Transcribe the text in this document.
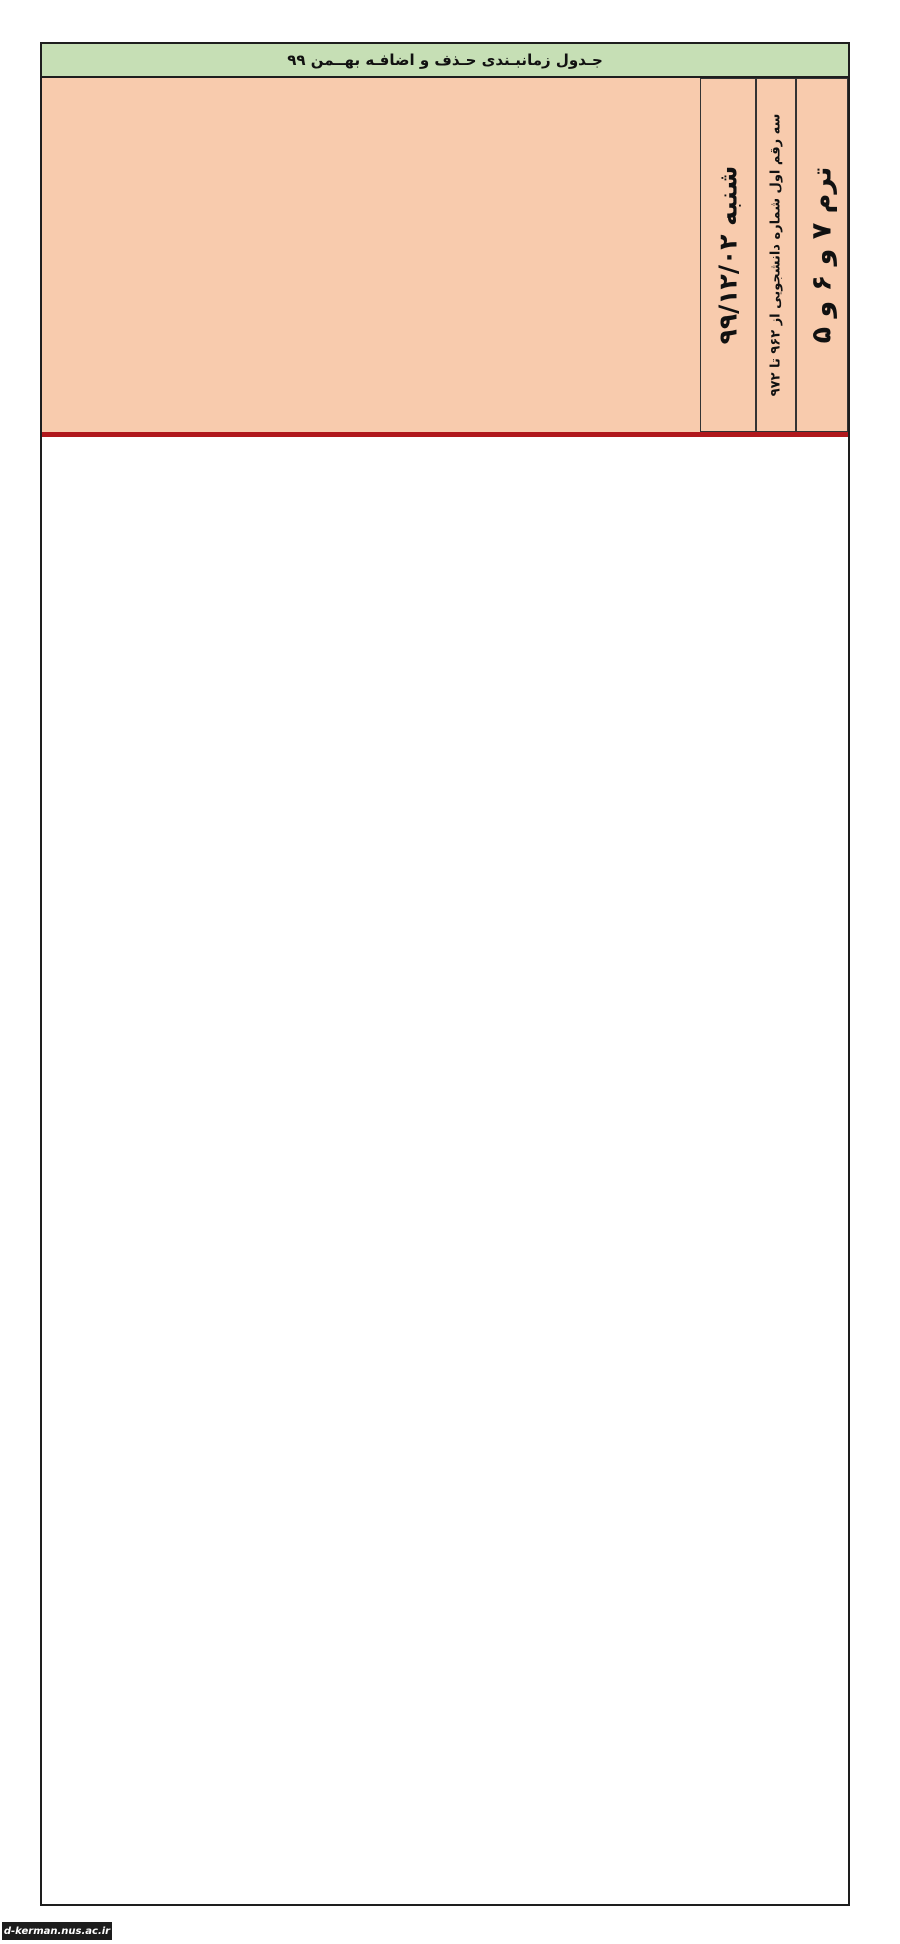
جـدول زمانبـندی حـذف و اضافـه بهــمن ۹۹
شنبه ۹۹/۱۲/۰۲
سه رقم اول شماره دانشجویی از ۹۶۲ تا ۹۷۲
ترم ۷ و ۶ و ۵
d-kerman.nus.ac.ir
